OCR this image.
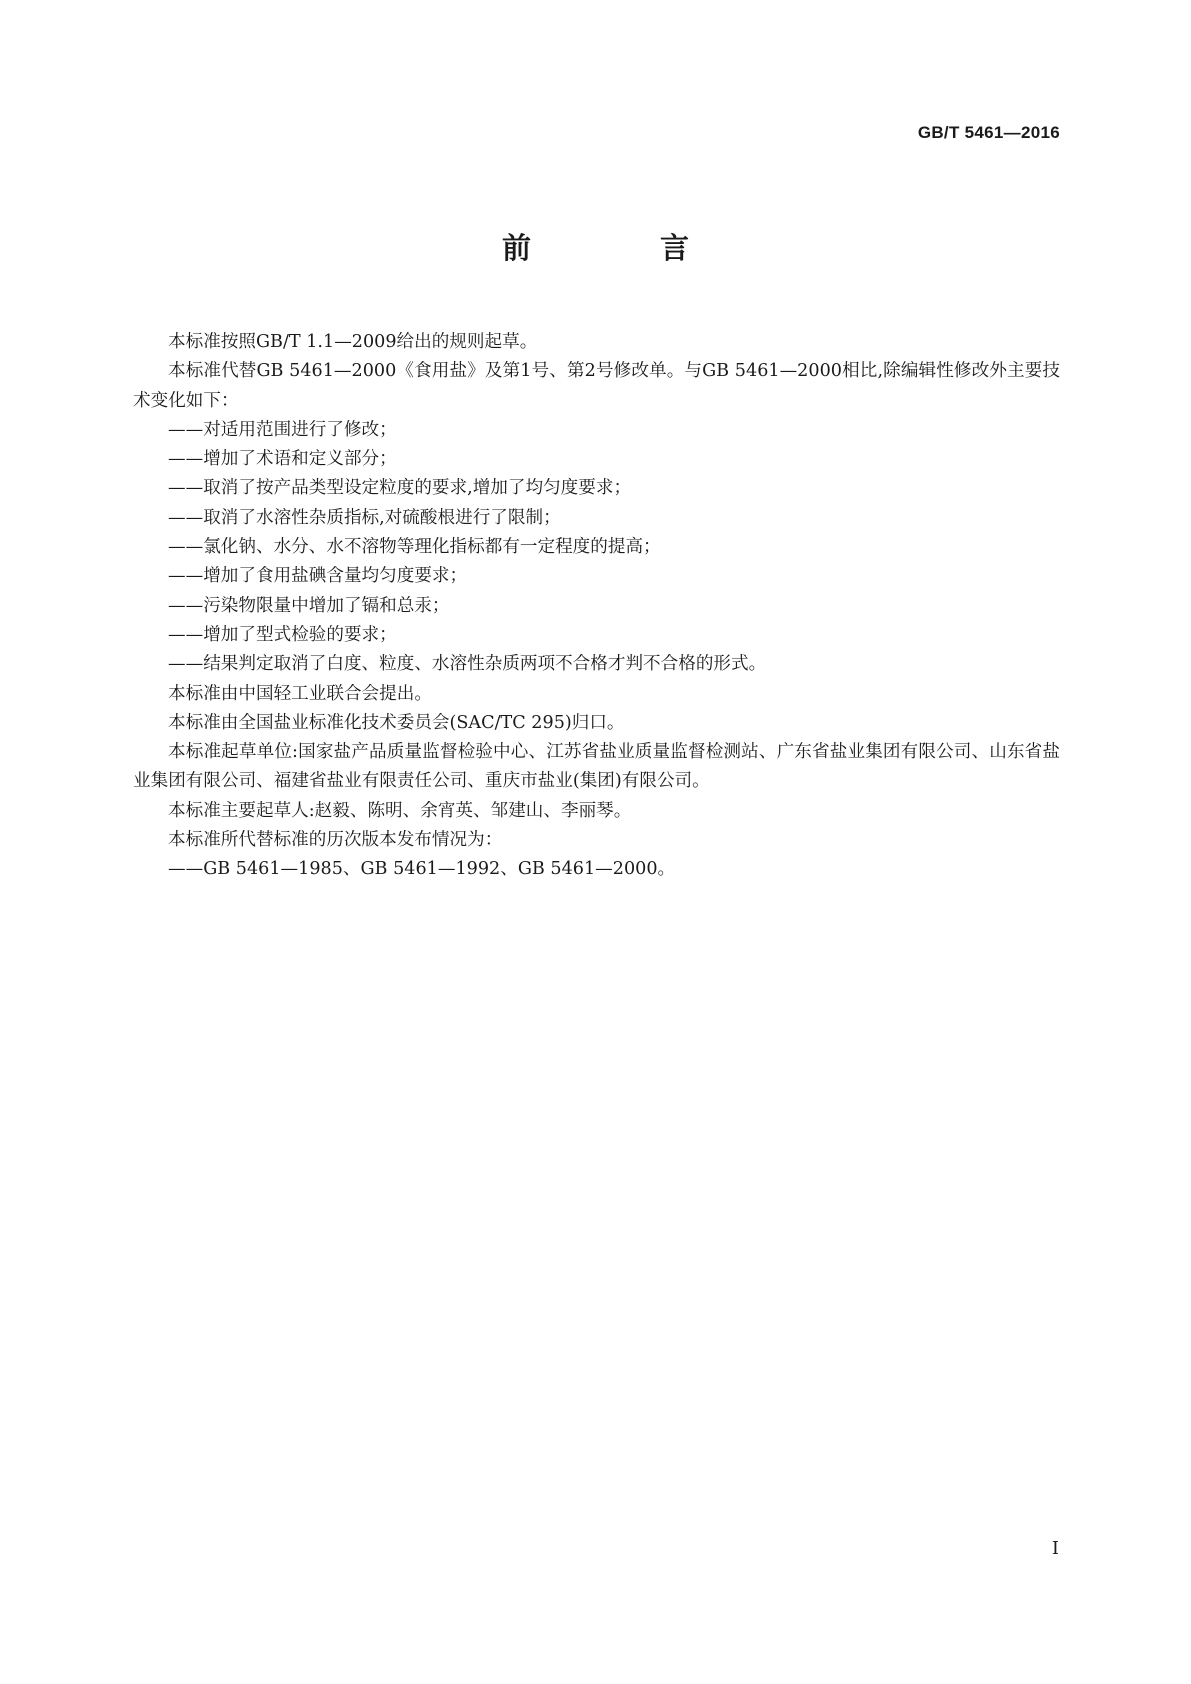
GB/T 5461—2016
前　言

本标准按照GB/T 1.1—2009给出的规则起草。

本标准代替GB 5461—2000《食用盐》及第1号、第2号修改单。与GB 5461—2000相比,除编辑性修改外主要技术变化如下：

——对适用范围进行了修改；

——增加了术语和定义部分；

——取消了按产品类型设定粒度的要求,增加了均匀度要求；

——取消了水溶性杂质指标,对硫酸根进行了限制；

——氯化钠、水分、水不溶物等理化指标都有一定程度的提高；

——增加了食用盐碘含量均匀度要求；

——污染物限量中增加了镉和总汞；

——增加了型式检验的要求；

——结果判定取消了白度、粒度、水溶性杂质两项不合格才判不合格的形式。

本标准由中国轻工业联合会提出。

本标准由全国盐业标准化技术委员会(SAC/TC 295)归口。

本标准起草单位:国家盐产品质量监督检验中心、江苏省盐业质量监督检测站、广东省盐业集团有限公司、山东省盐业集团有限公司、福建省盐业有限责任公司、重庆市盐业(集团)有限公司。

本标准主要起草人:赵毅、陈明、余宵英、邹建山、李丽琴。

本标准所代替标准的历次版本发布情况为：

——GB 5461—1985、GB 5461—1992、GB 5461—2000。

I
